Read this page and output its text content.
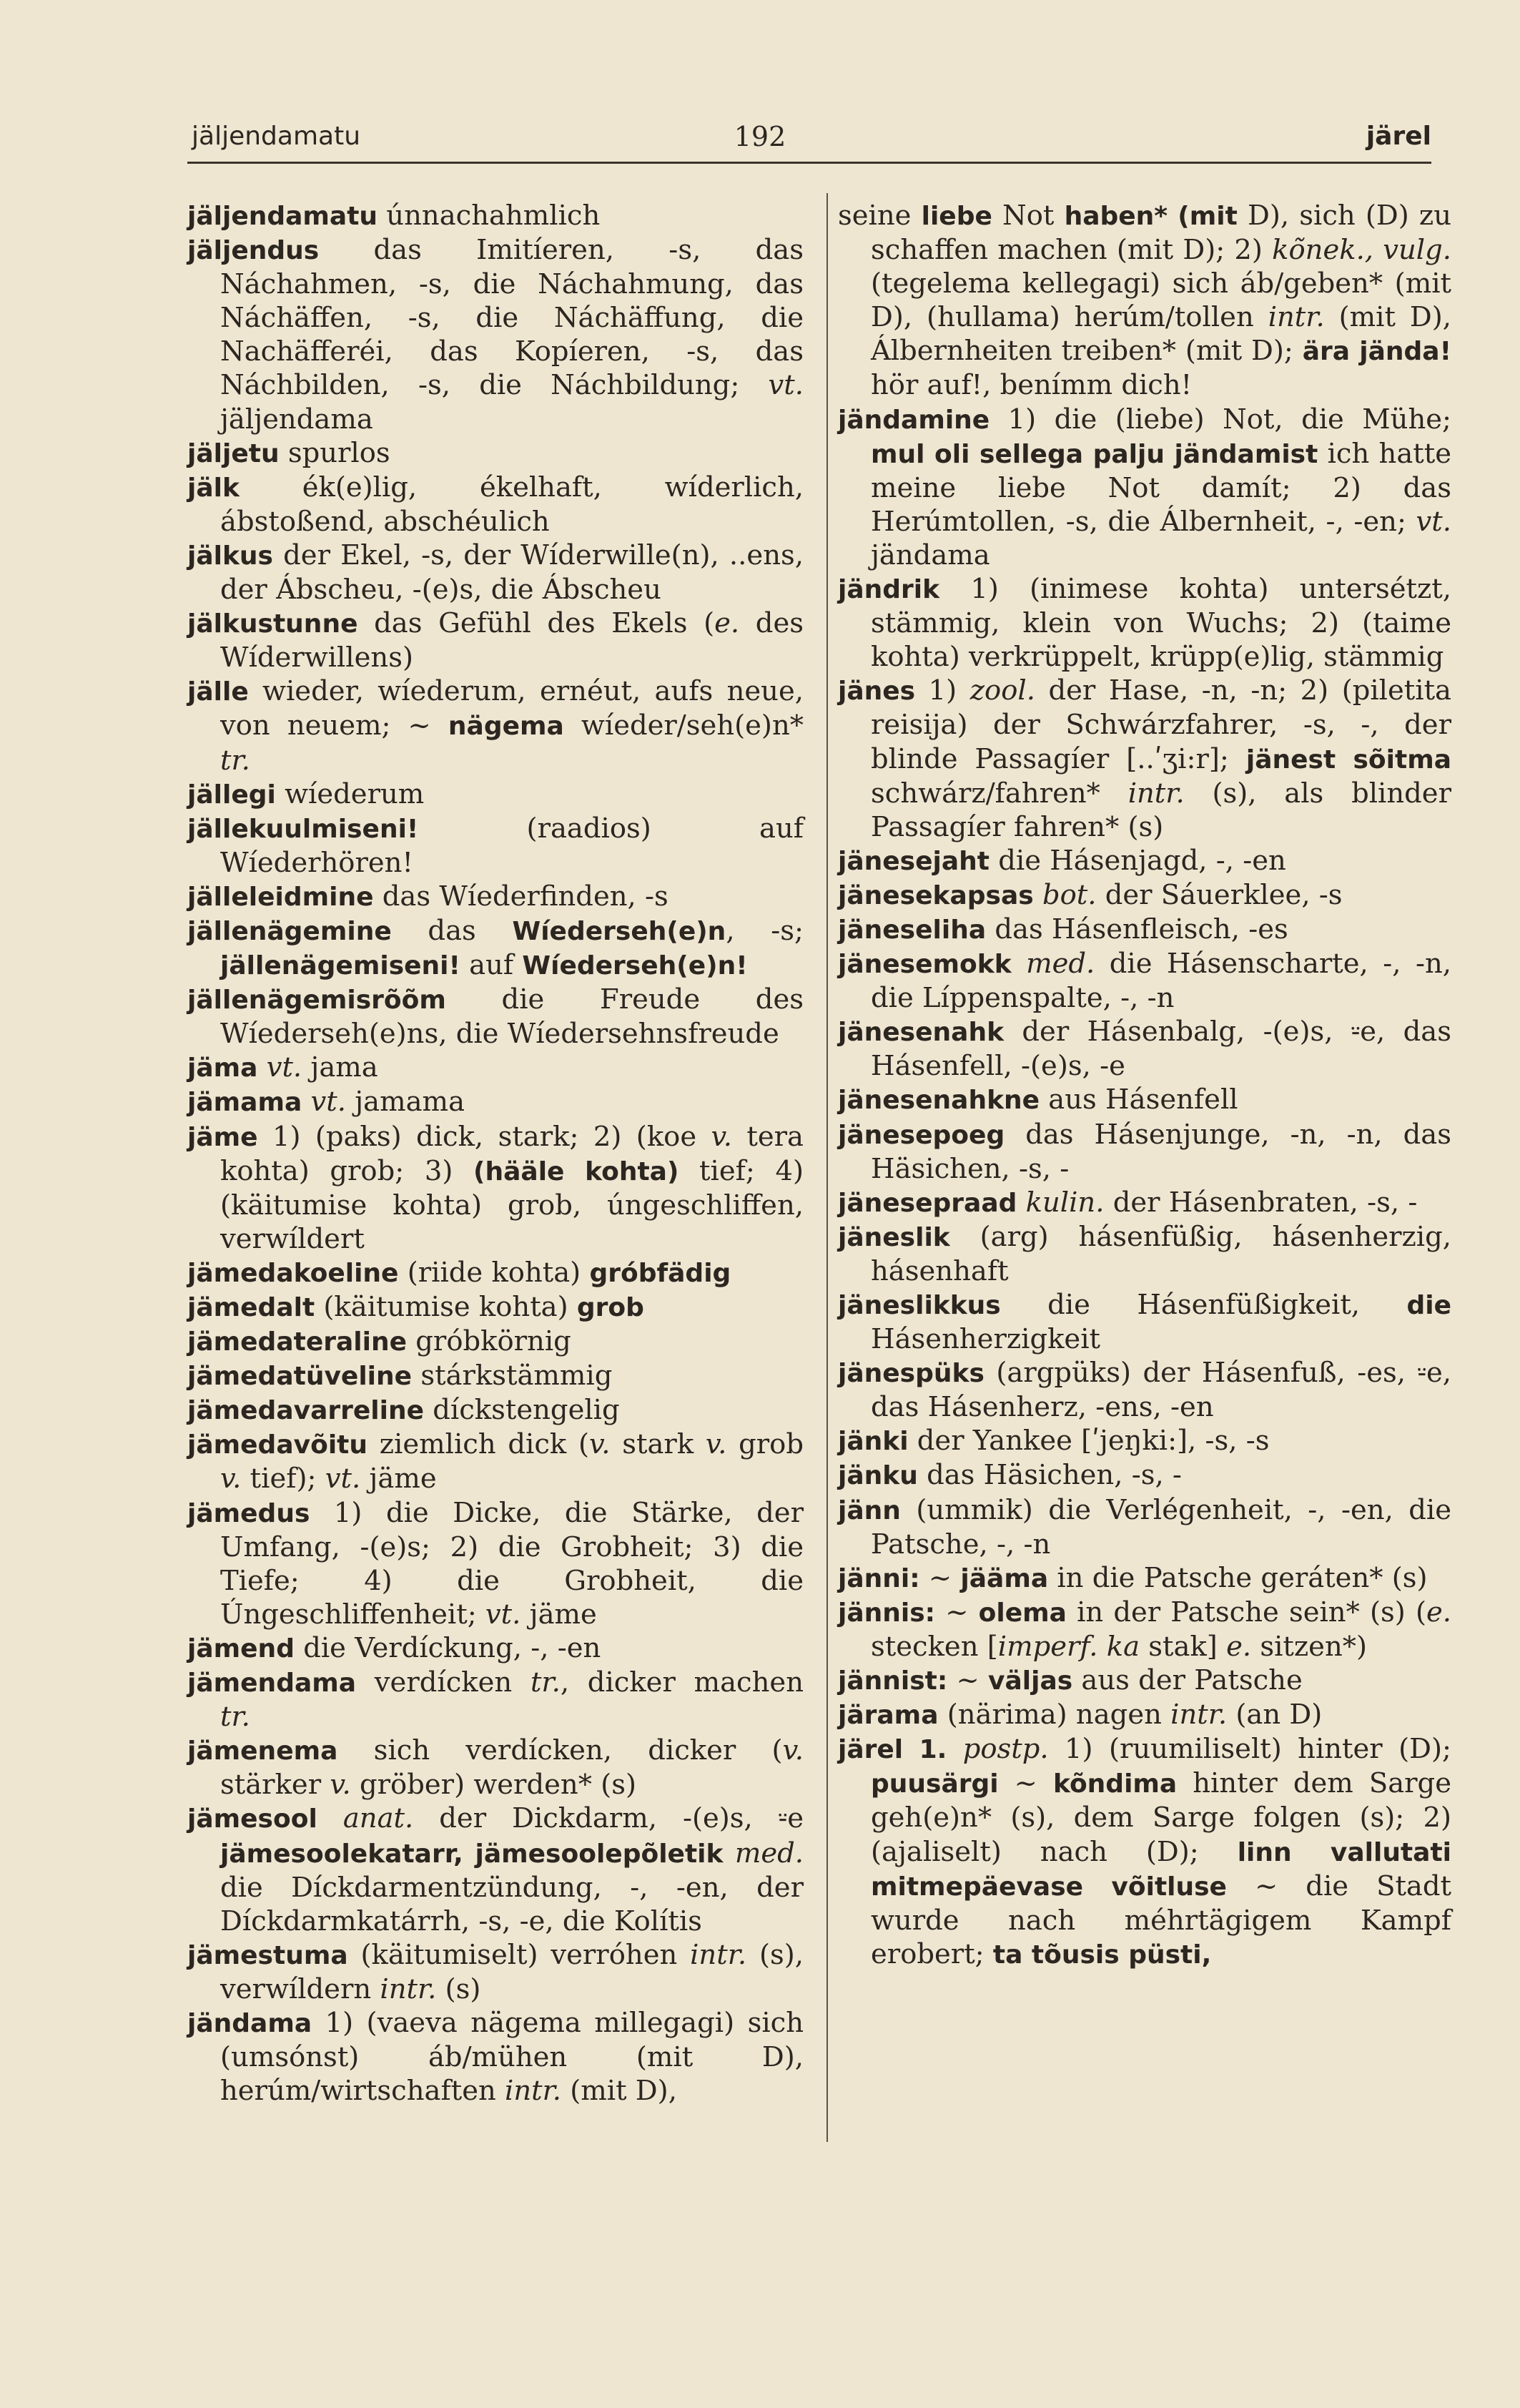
jäljendamatu	192	järel

jäljendamatu únnachahmlich

jäljendus das Imitíeren, -s, das Náchahmen, -s, die Náchahmung, das Náchäffen, -s, die Náchäffung, die Nachäfferéi, das Kopíeren, -s, das Náchbilden, -s, die Náchbildung; vt. jäljendama

jäljetu spurlos

jälk ék(e)lig, ékelhaft, wíderlich, ábstoßend, abschéulich

jälkus der Ekel, -s, der Wíderwille(n), ..ens, der Ábscheu, -(e)s, die Ábscheu

jälkustunne das Gefühl des Ekels (e. des Wíderwillens)

jälle wieder, wíederum, ernéut, aufs neue, von neuem; ~ nägema wíeder/seh(e)n* tr.

jällegi wíederum

jällekuulmiseni! (raadios) auf Wíederhören!

jälleleidmine das Wíederfinden, -s

jällenägemine das Wíederseh(e)n, -s; jällenägemiseni! auf Wíederseh(e)n!

jällenägemisrõõm die Freude des Wíederseh(e)ns, die Wíedersehnsfreude

jäma vt. jama

jämama vt. jamama

jäme 1) (paks) dick, stark; 2) (koe v. tera kohta) grob; 3) (hääle kohta) tief; 4) (käitumise kohta) grob, úngeschliffen, verwíldert

jämedakoeline (riide kohta) gróbfädig

jämedalt (käitumise kohta) grob

jämedateraline gróbkörnig

jämedatüveline stárkstämmig

jämedavarreline díckstengelig

jämedavõitu ziemlich dick (v. stark v. grob v. tief); vt. jäme

jämedus 1) die Dicke, die Stärke, der Umfang, -(e)s; 2) die Grobheit; 3) die Tiefe; 4) die Grobheit, die Úngeschliffenheit; vt. jäme

jämend die Verdíckung, -, -en

jämendama verdícken tr., dicker machen tr.

jämenema sich verdícken, dicker (v. stärker v. gröber) werden* (s)

jämesool anat. der Dickdarm, -(e)s, ⸚e jämesoolekatarr, jämesoolepõletik med. die Díckdarmentzündung, -, -en, der Díckdarmkatárrh, -s, -e, die Kolítis

jämestuma (käitumiselt) verróhen intr. (s), verwíldern intr. (s)

jändama 1) (vaeva nägema millegagi) sich (umsónst) áb/mühen (mit D), herúm/wirtschaften intr. (mit D),

seine liebe Not haben* (mit D), sich (D) zu schaffen machen (mit D); 2) kõnek., vulg. (tegelema kellegagi) sich áb/geben* (mit D), (hullama) herúm/tollen intr. (mit D), Álbernheiten treiben* (mit D); ära jända! hör auf!, benímm dich!

jändamine 1) die (liebe) Not, die Mühe; mul oli sellega palju jändamist ich hatte meine liebe Not damít; 2) das Herúmtollen, -s, die Álbernheit, -, -en; vt. jändama

jändrik 1) (inimese kohta) untersétzt, stämmig, klein von Wuchs; 2) (taime kohta) verkrüppelt, krüpp(e)lig, stämmig

jänes 1) zool. der Hase, -n, -n; 2) (piletita reisija) der Schwárzfahrer, -s, -, der blinde Passagíer [..ʹʒi:r]; jänest sõitma schwárz/fahren* intr. (s), als blinder Passagíer fahren* (s)

jänesejaht die Hásenjagd, -, -en

jänesekapsas bot. der Sáuerklee, -s

jäneseliha das Hásenfleisch, -es

jänesemokk med. die Hásenscharte, -, -n, die Líppenspalte, -, -n

jänesenahk der Hásenbalg, -(e)s, ⸚e, das Hásenfell, -(e)s, -e

jänesenahkne aus Hásenfell

jänesepoeg das Hásenjunge, -n, -n, das Häsichen, -s, -

jänesepraad kulin. der Hásenbraten, -s, -

jäneslik (arg) hásenfüßig, hásenherzig, hásenhaft

jäneslikkus die Hásenfüßigkeit, die Hásenherzigkeit

jänespüks (argpüks) der Hásenfuß, -es, ⸚e, das Hásenherz, -ens, -en

jänki der Yankee [ʹjeŋki:], -s, -s

jänku das Häsichen, -s, -

jänn (ummik) die Verlégenheit, -, -en, die Patsche, -, -n

jänni: ~ jääma in die Patsche geráten* (s)

jännis: ~ olema in der Patsche sein* (s) (e. stecken [imperf. ka stak] e. sitzen*)

jännist: ~ väljas aus der Patsche

järama (närima) nagen intr. (an D)

järel 1. postp. 1) (ruumiliselt) hinter (D); puusärgi ~ kõndima hinter dem Sarge geh(e)n* (s), dem Sarge folgen (s); 2) (ajaliselt) nach (D); linn vallutati mitmepäevase võitluse ~ die Stadt wurde nach méhrtägigem Kampf erobert; ta tõusis püsti,
